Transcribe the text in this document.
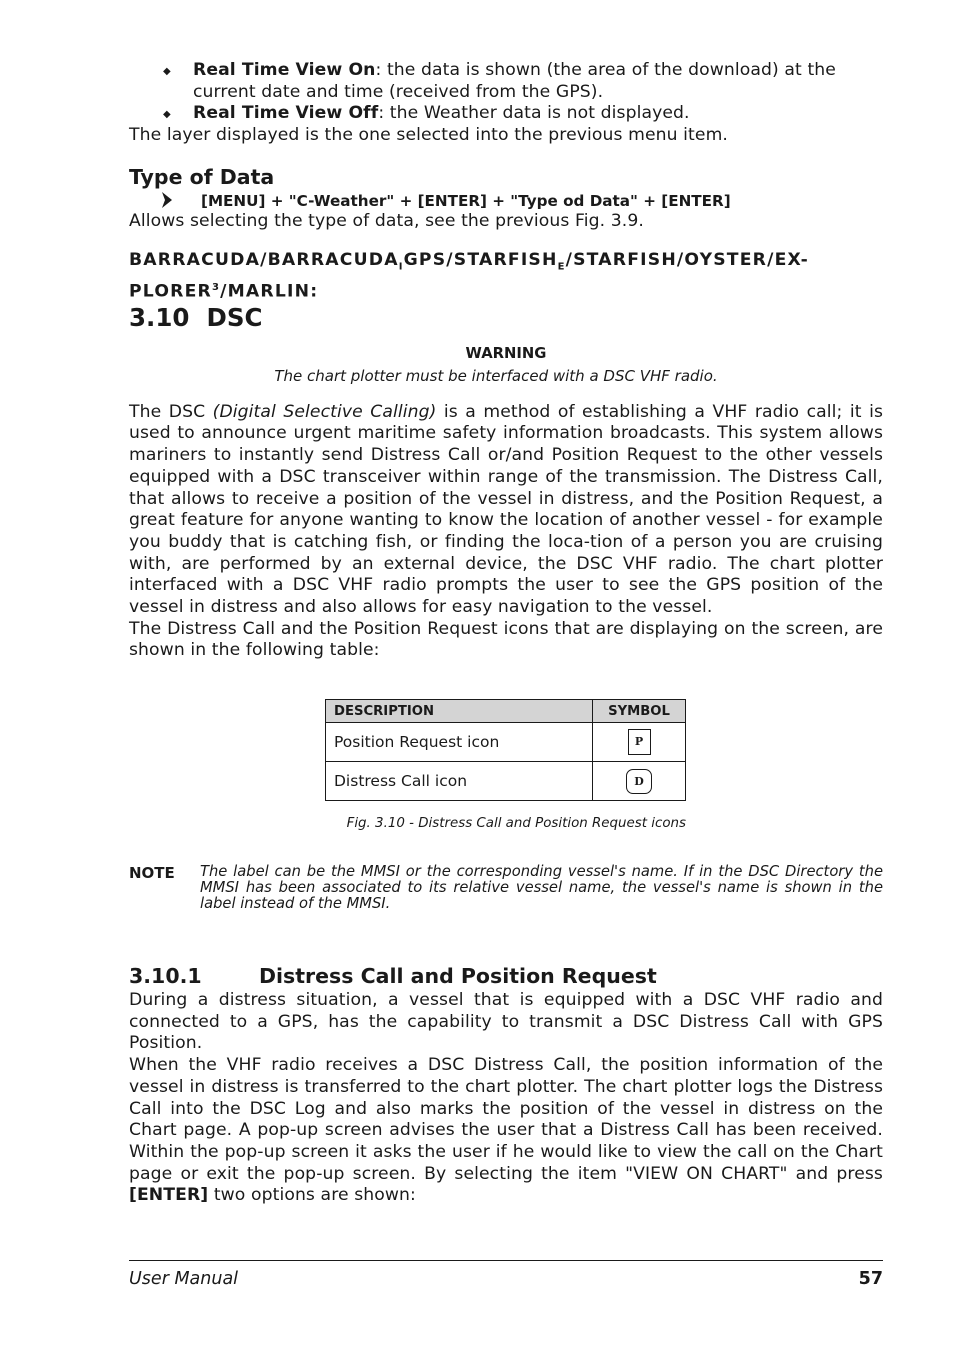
◆ Real Time View On: the data is shown (the area of the download) at the current date and time (received from the GPS).
◆ Real Time View Off: the Weather data is not displayed.
The layer displayed is the one selected into the previous menu item.
Type of Data
[MENU] + "C-Weather" + [ENTER] + "Type od Data" + [ENTER]
Allows selecting the type of data, see the previous Fig. 3.9.
BARRACUDA/$BARRACUDA_IGPS/STARFISH_E/STARFISH/OYSTER/EX-PLORER^3$/MARLIN:
3.10 DSC
WARNING
The chart plotter must be interfaced with a DSC VHF radio.
The DSC (Digital Selective Calling) is a method of establishing a VHF radio call; it is used to announce urgent maritime safety information broadcasts. This system allows mariners to instantly send Distress Call or/and Position Request to the other vessels equipped with a DSC transceiver within range of the transmission. The Distress Call, that allows to receive a position of the vessel in distress, and the Position Request, a great feature for anyone wanting to know the location of another vessel - for example you buddy that is catching fish, or finding the loca-tion of a person you are cruising with, are performed by an external device, the DSC VHF radio. The chart plotter interfaced with a DSC VHF radio prompts the user to see the GPS position of the vessel in distress and also allows for easy navigation to the vessel.
The Distress Call and the Position Request icons that are displaying on the screen, are shown in the following table:
DESCRIPTION	SYMBOL
Position Request icon	P
Distress Call icon	D
Fig. 3.10 - Distress Call and Position Request icons
NOTE The label can be the MMSI or the corresponding vessel's name. If in the DSC Directory the MMSI has been associated to its relative vessel name, the vessel's name is shown in the label instead of the MMSI.
3.10.1	Distress Call and Position Request
During a distress situation, a vessel that is equipped with a DSC VHF radio and connected to a GPS, has the capability to transmit a DSC Distress Call with GPS Position.
When the VHF radio receives a DSC Distress Call, the position information of the vessel in distress is transferred to the chart plotter. The chart plotter logs the Distress Call into the DSC Log and also marks the position of the vessel in distress on the Chart page. A pop-up screen advises the user that a Distress Call has been received. Within the pop-up screen it asks the user if he would like to view the call on the Chart page or exit the pop-up screen. By selecting the item "VIEW ON CHART" and press [ENTER] two options are shown:
User Manual	57
